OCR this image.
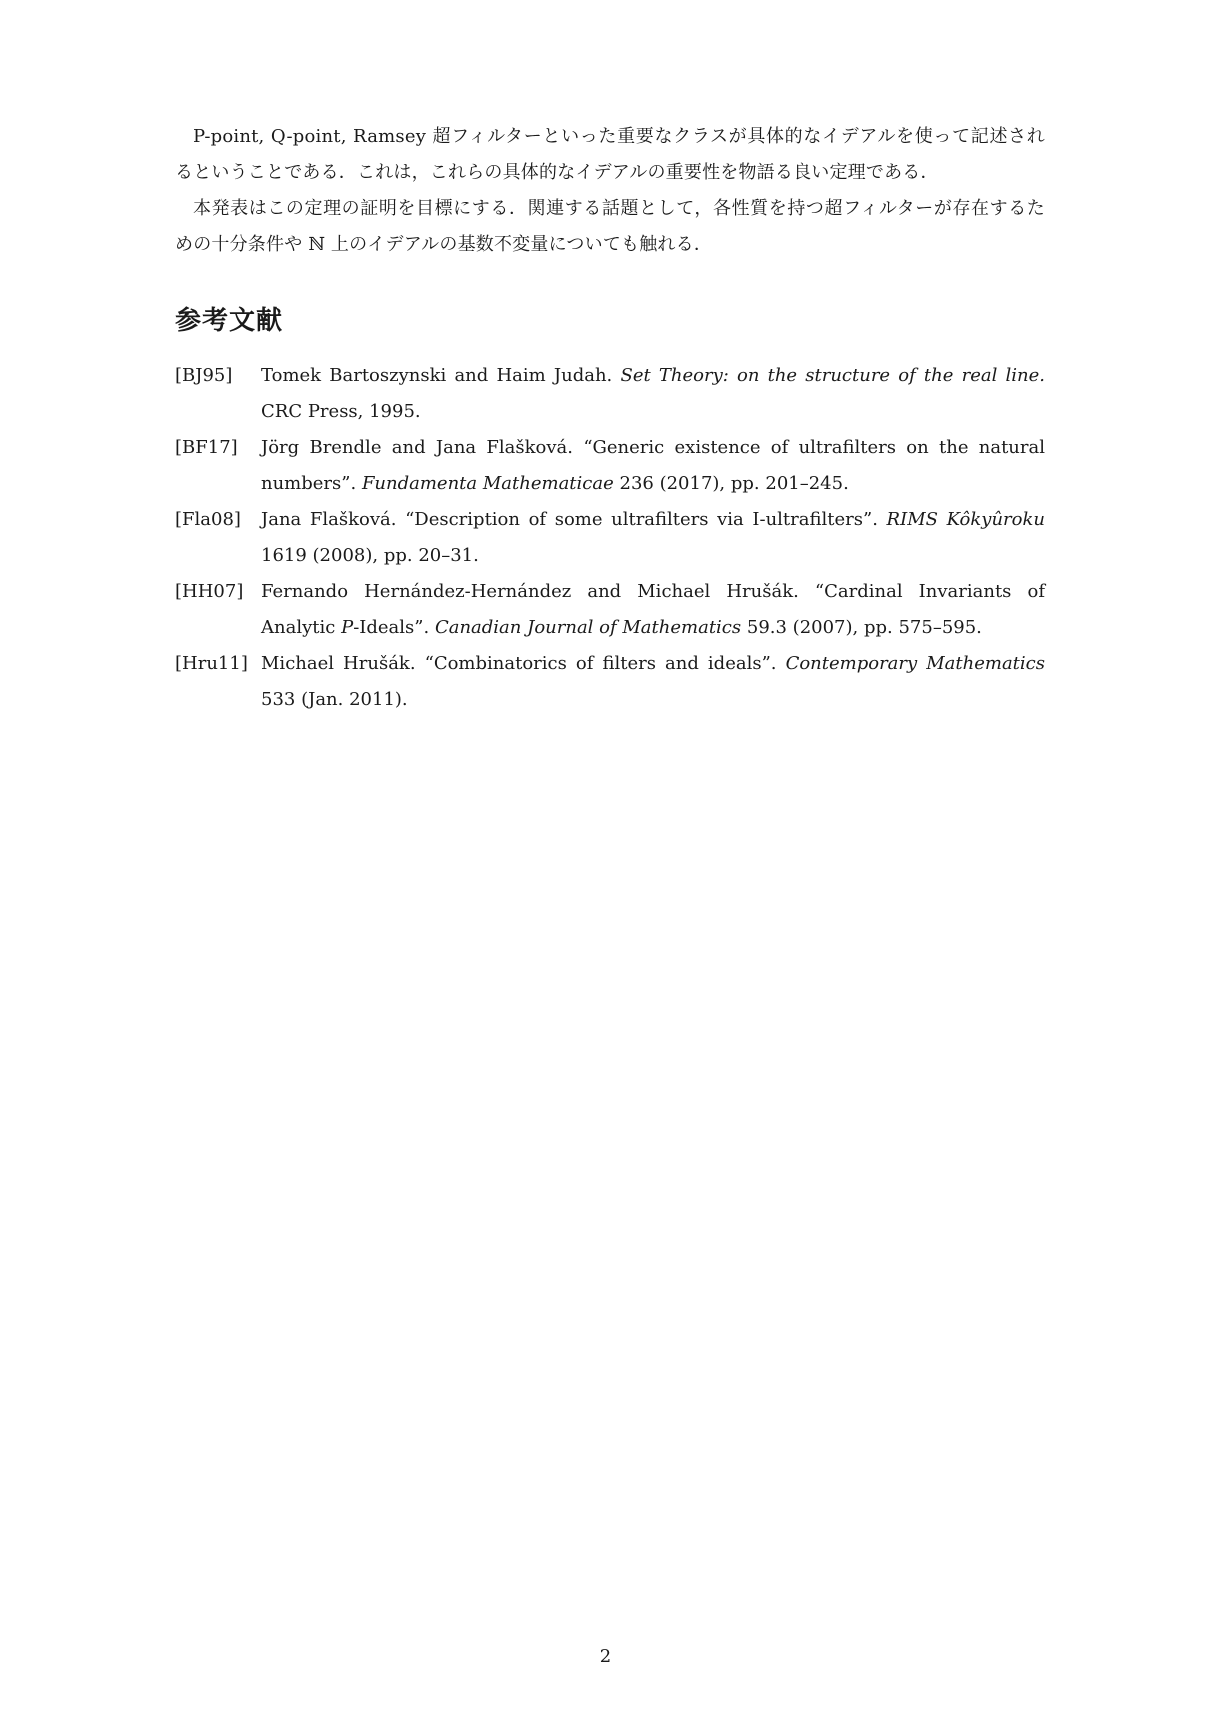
P-point, Q-point, Ramsey 超フィルターといった重要なクラスが具体的なイデアルを使って記述されるということである．これは，これらの具体的なイデアルの重要性を物語る良い定理である．

本発表はこの定理の証明を目標にする．関連する話題として，各性質を持つ超フィルターが存在するための十分条件や ℕ 上のイデアルの基数不変量についても触れる．

参考文献
[BJ95]	Tomek Bartoszynski and Haim Judah. Set Theory: on the structure of the real line. CRC Press, 1995.
[BF17]	Jörg Brendle and Jana Flašková. “Generic existence of ultrafilters on the natural numbers”. Fundamenta Mathematicae 236 (2017), pp. 201–245.
[Fla08]	Jana Flašková. “Description of some ultrafilters via I-ultrafilters”. RIMS Kôkyûroku 1619 (2008), pp. 20–31.
[HH07] Fernando Hernández-Hernández and Michael Hrušák. “Cardinal Invariants of Analytic P-Ideals”. Canadian Journal of Mathematics 59.3 (2007), pp. 575–595.
[Hru11] Michael Hrušák. “Combinatorics of filters and ideals”. Contemporary Mathematics 533 (Jan. 2011).
2
